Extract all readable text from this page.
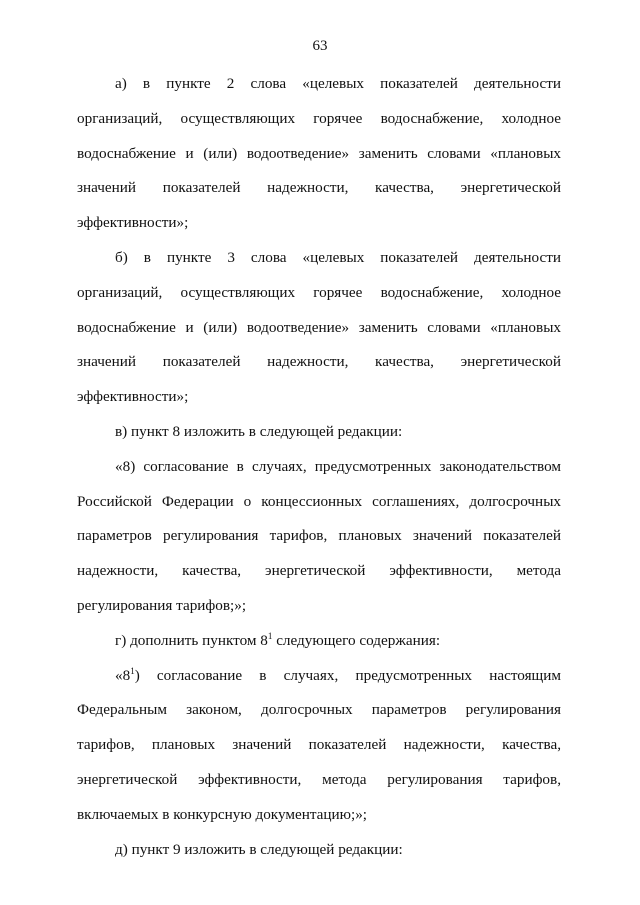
63

а) в пункте 2 слова «целевых показателей деятельности организаций, осуществляющих горячее водоснабжение, холодное водоснабжение и (или) водоотведение» заменить словами «плановых значений показателей надежности, качества, энергетической эффективности»;

б) в пункте 3 слова «целевых показателей деятельности организаций, осуществляющих горячее водоснабжение, холодное водоснабжение и (или) водоотведение» заменить словами «плановых значений показателей надежности, качества, энергетической эффективности»;

в) пункт 8 изложить в следующей редакции:

«8) согласование в случаях, предусмотренных законодательством Российской Федерации о концессионных соглашениях, долгосрочных параметров регулирования тарифов, плановых значений показателей надежности, качества, энергетической эффективности, метода регулирования тарифов;»;

г) дополнить пунктом $8^1$ следующего содержания:

«$8^1$) согласование в случаях, предусмотренных настоящим Федеральным законом, долгосрочных параметров регулирования тарифов, плановых значений показателей надежности, качества, энергетической эффективности, метода регулирования тарифов, включаемых в конкурсную документацию;»;

д) пункт 9 изложить в следующей редакции:
